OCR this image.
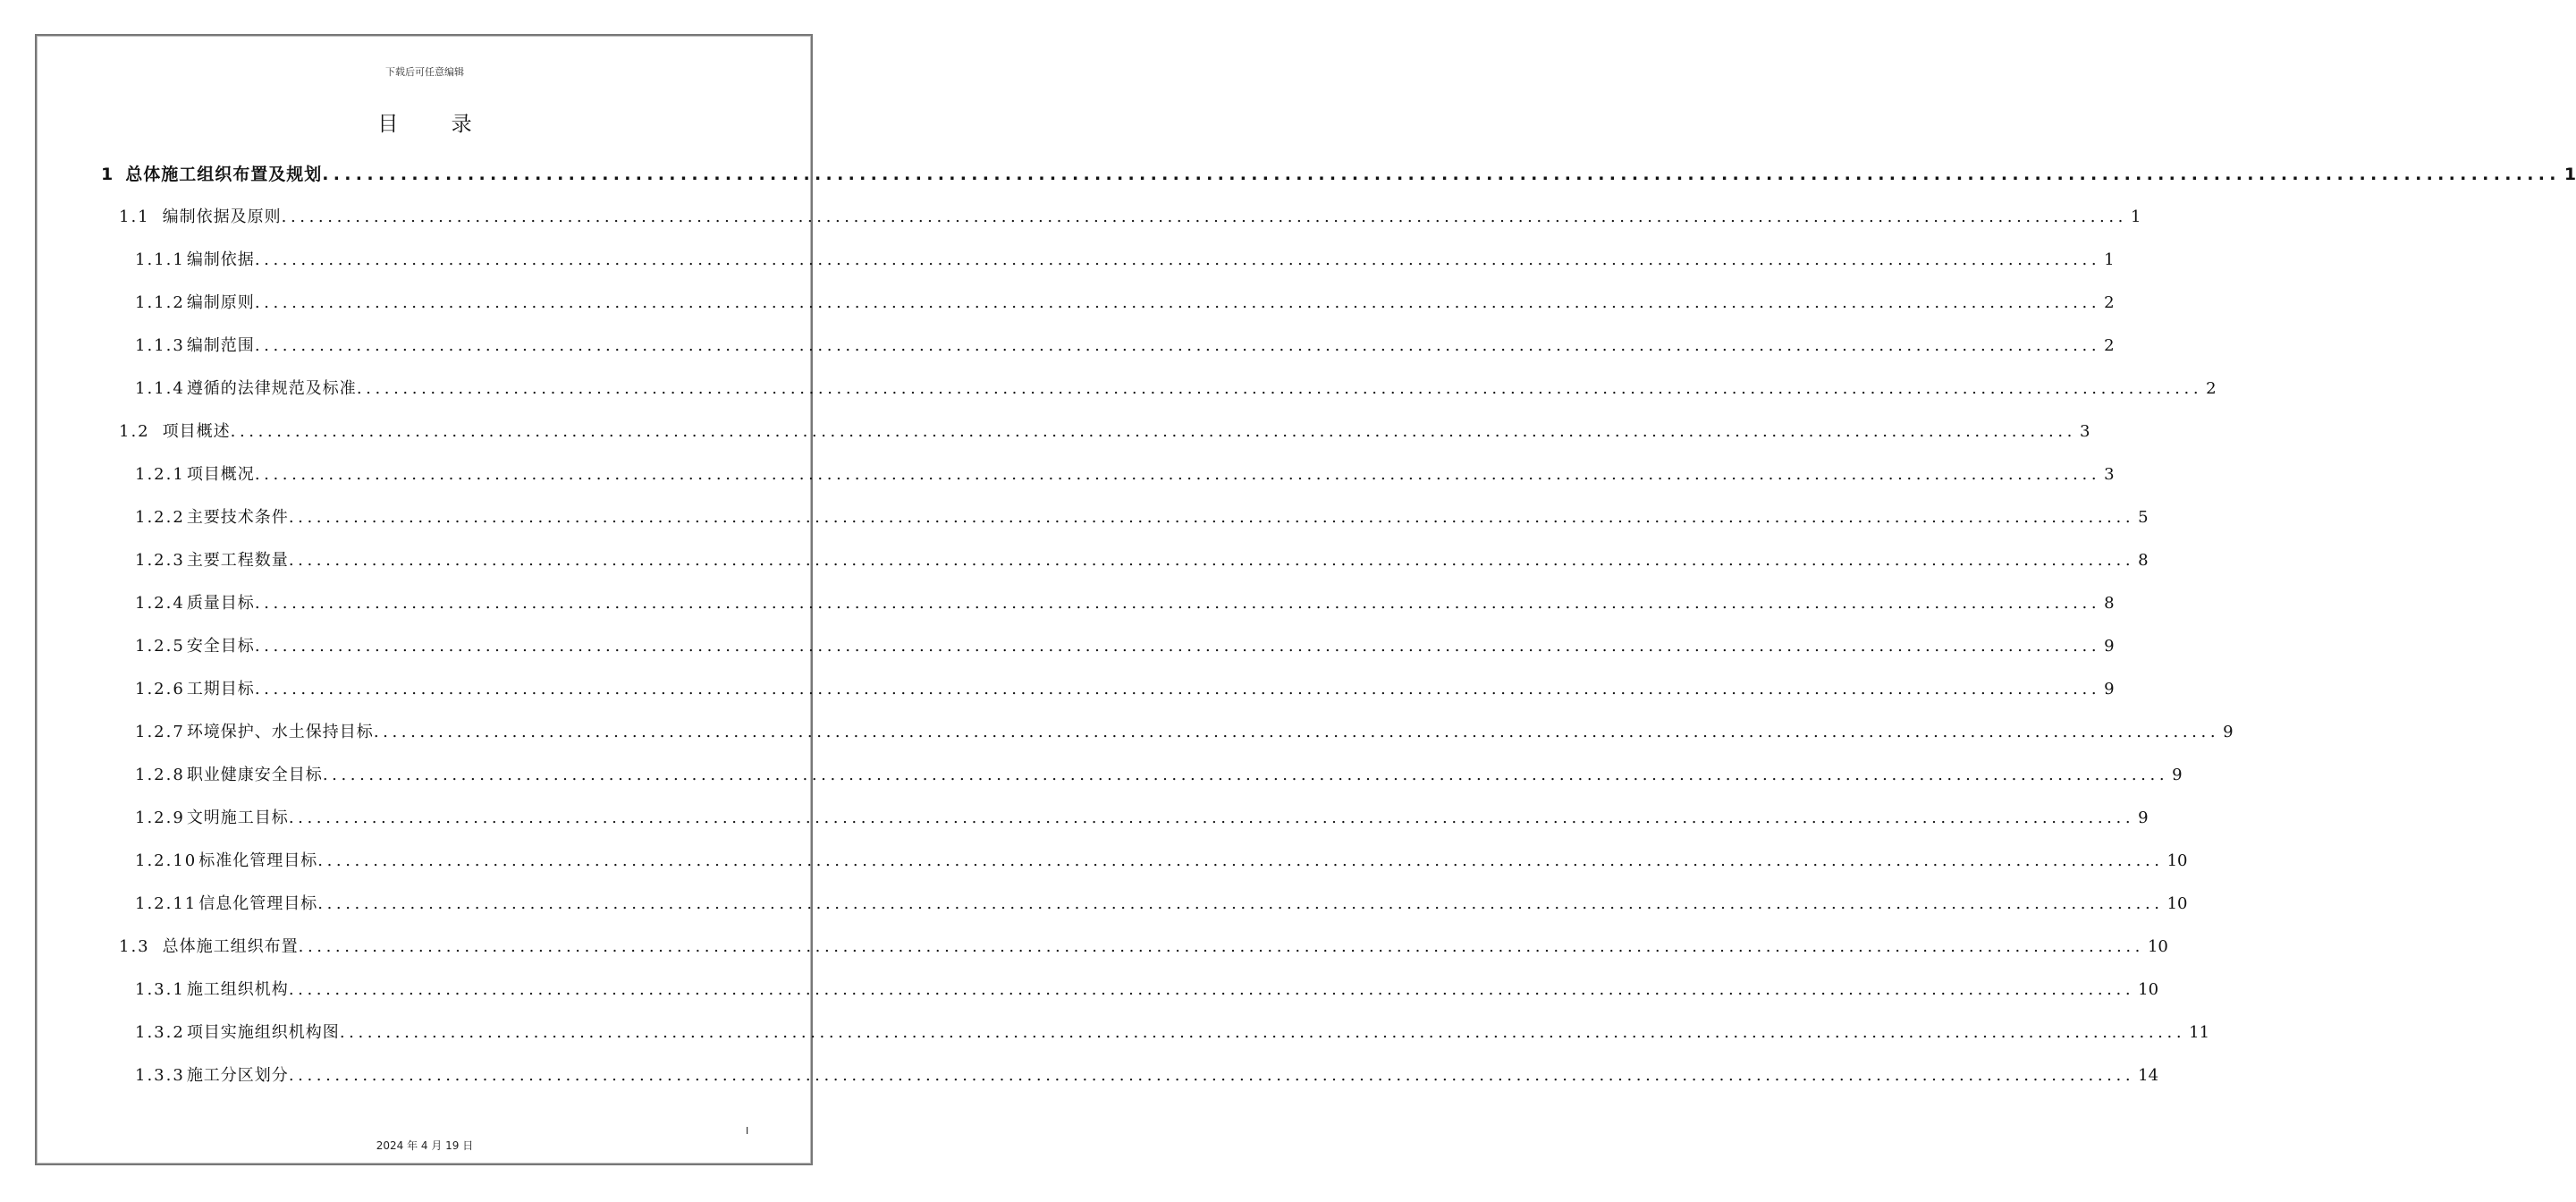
下载后可任意编辑
目 录
1 总体施工组织布置及规划 ........................................................................................................................................................................................................ 1
1.1 编制依据及原则 ........................................................................................................................................................................................................ 1
1.1.1 编制依据 ........................................................................................................................................................................................................ 1
1.1.2 编制原则 ........................................................................................................................................................................................................ 2
1.1.3 编制范围 ........................................................................................................................................................................................................ 2
1.1.4 遵循的法律规范及标准 ........................................................................................................................................................................................................ 2
1.2 项目概述 ........................................................................................................................................................................................................ 3
1.2.1 项目概况 ........................................................................................................................................................................................................ 3
1.2.2 主要技术条件 ........................................................................................................................................................................................................ 5
1.2.3 主要工程数量 ........................................................................................................................................................................................................ 8
1.2.4 质量目标 ........................................................................................................................................................................................................ 8
1.2.5 安全目标 ........................................................................................................................................................................................................ 9
1.2.6 工期目标 ........................................................................................................................................................................................................ 9
1.2.7 环境保护、水土保持目标 ........................................................................................................................................................................................................ 9
1.2.8 职业健康安全目标 ........................................................................................................................................................................................................ 9
1.2.9 文明施工目标 ........................................................................................................................................................................................................ 9
1.2.10 标准化管理目标 ........................................................................................................................................................................................................ 10
1.2.11 信息化管理目标 ........................................................................................................................................................................................................ 10
1.3 总体施工组织布置 ........................................................................................................................................................................................................ 10
1.3.1 施工组织机构 ........................................................................................................................................................................................................ 10
1.3.2 项目实施组织机构图 ........................................................................................................................................................................................................ 11
1.3.3 施工分区划分 ........................................................................................................................................................................................................ 14
I
2024 年 4 月 19 日
